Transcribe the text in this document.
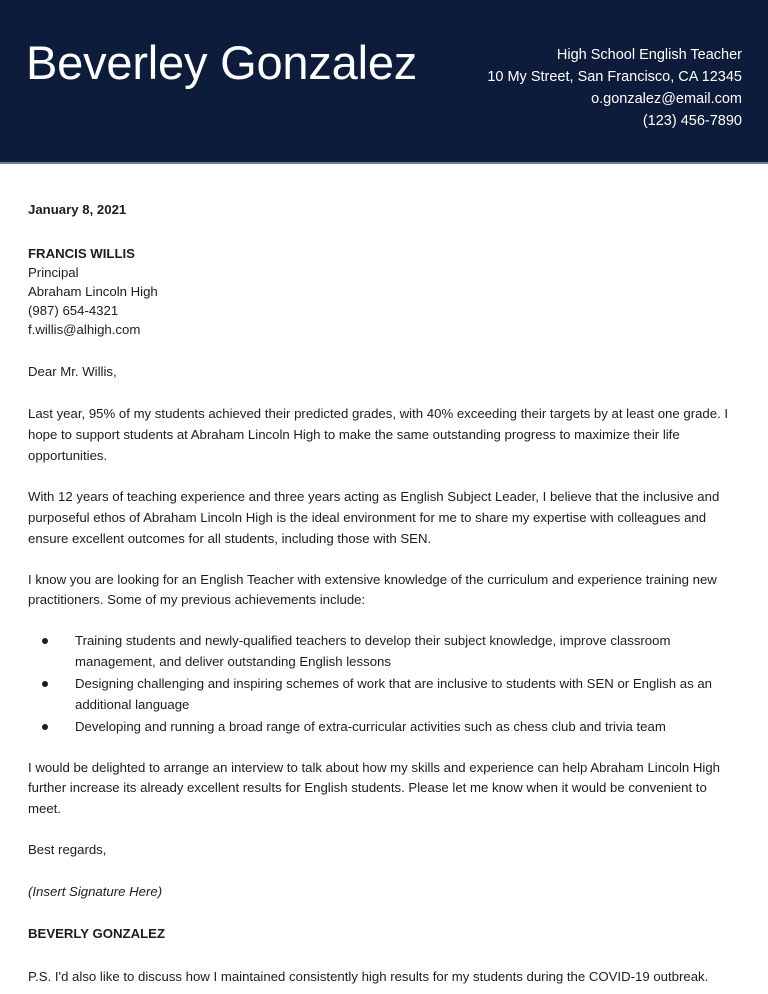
Beverley Gonzalez	High School English Teacher
10 My Street, San Francisco, CA 12345
o.gonzalez@email.com
(123) 456-7890
January 8, 2021
FRANCIS WILLIS
Principal
Abraham Lincoln High
(987) 654-4321
f.willis@alhigh.com
Dear Mr. Willis,

Last year, 95% of my students achieved their predicted grades, with 40% exceeding their targets by at least one grade. I hope to support students at Abraham Lincoln High to make the same outstanding progress to maximize their life opportunities.

With 12 years of teaching experience and three years acting as English Subject Leader, I believe that the inclusive and purposeful ethos of Abraham Lincoln High is the ideal environment for me to share my expertise with colleagues and ensure excellent outcomes for all students, including those with SEN.

I know you are looking for an English Teacher with extensive knowledge of the curriculum and experience training new practitioners. Some of my previous achievements include:

Training students and newly-qualified teachers to develop their subject knowledge, improve classroom management, and deliver outstanding English lessons
Designing challenging and inspiring schemes of work that are inclusive to students with SEN or English as an additional language
Developing and running a broad range of extra-curricular activities such as chess club and trivia team

I would be delighted to arrange an interview to talk about how my skills and experience can help Abraham Lincoln High further increase its already excellent results for English students. Please let me know when it would be convenient to meet.

Best regards,

(Insert Signature Here)

BEVERLY GONZALEZ

P.S. I'd also like to discuss how I maintained consistently high results for my students during the COVID-19 outbreak.
